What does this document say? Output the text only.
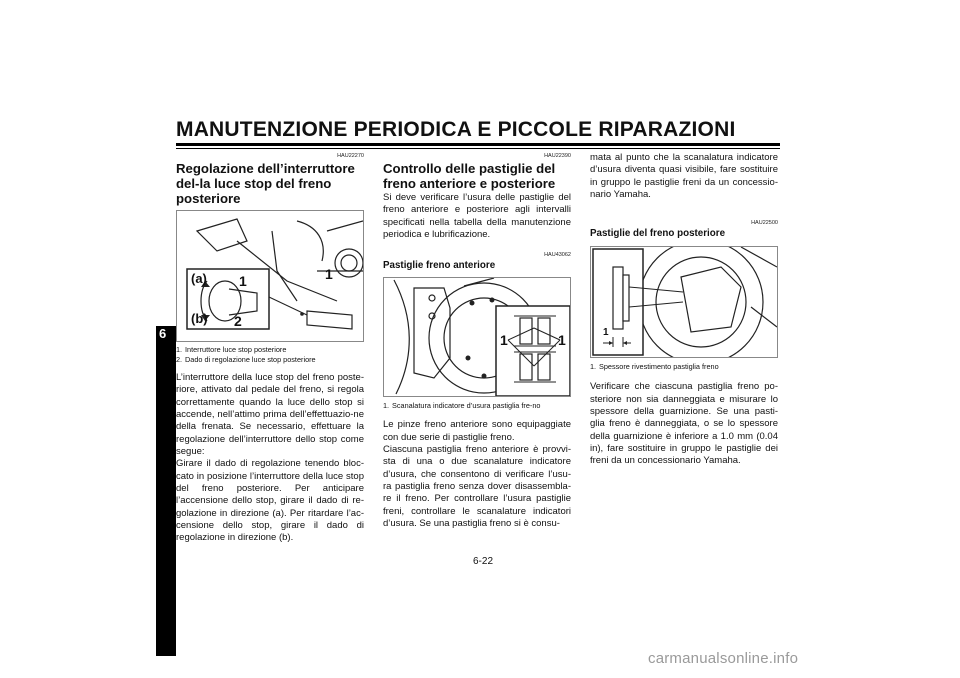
MANUTENZIONE PERIODICA E PICCOLE RIPARAZIONI
6
HAU22270
Regolazione dell’interruttore del-la luce stop del freno posteriore
(a)
(b)
1
2
1
1. Interruttore luce stop posteriore
2. Dado di regolazione luce stop posteriore

L’interruttore della luce stop del freno poste-riore, attivato dal pedale del freno, si regola correttamente quando la luce dello stop si accende, nell’attimo prima dell’effettuazio-ne della frenata. Se necessario, effettuare la regolazione dell’interruttore dello stop come segue:

Girare il dado di regolazione tenendo bloc-cato in posizione l’interruttore della luce stop del freno posteriore. Per anticipare l’accensione dello stop, girare il dado di re-golazione in direzione (a). Per ritardare l’ac-censione dello stop, girare il dado di regolazione in direzione (b).

HAU22390
Controllo delle pastiglie del freno anteriore e posteriore

Si deve verificare l’usura delle pastiglie del freno anteriore e posteriore agli intervalli specificati nella tabella della manutenzione periodica e lubrificazione.

HAU43062
Pastiglie freno anteriore
1	1
1. Scanalatura indicatore d’usura pastiglia fre-no

Le pinze freno anteriore sono equipaggiate con due serie di pastiglie freno.

Ciascuna pastiglia freno anteriore è provvi-sta di una o due scanalature indicatore d’usura, che consentono di verificare l’usu-ra pastiglia freno senza dover disassembla-re il freno. Per controllare l’usura pastiglie freni, controllare le scanalature indicatori d’usura. Se una pastiglia freno si è consu-

mata al punto che la scanalatura indicatore d’usura diventa quasi visibile, fare sostituire in gruppo le pastiglie freni da un concessio-nario Yamaha.

HAU22500
Pastiglie del freno posteriore
1
1. Spessore rivestimento pastiglia freno

Verificare che ciascuna pastiglia freno po-steriore non sia danneggiata e misurare lo spessore della guarnizione. Se una pasti-glia freno è danneggiata, o se lo spessore della guarnizione è inferiore a 1.0 mm (0.04 in), fare sostituire in gruppo le pastiglie dei freni da un concessionario Yamaha.

6-22
carmanualsonline.info
